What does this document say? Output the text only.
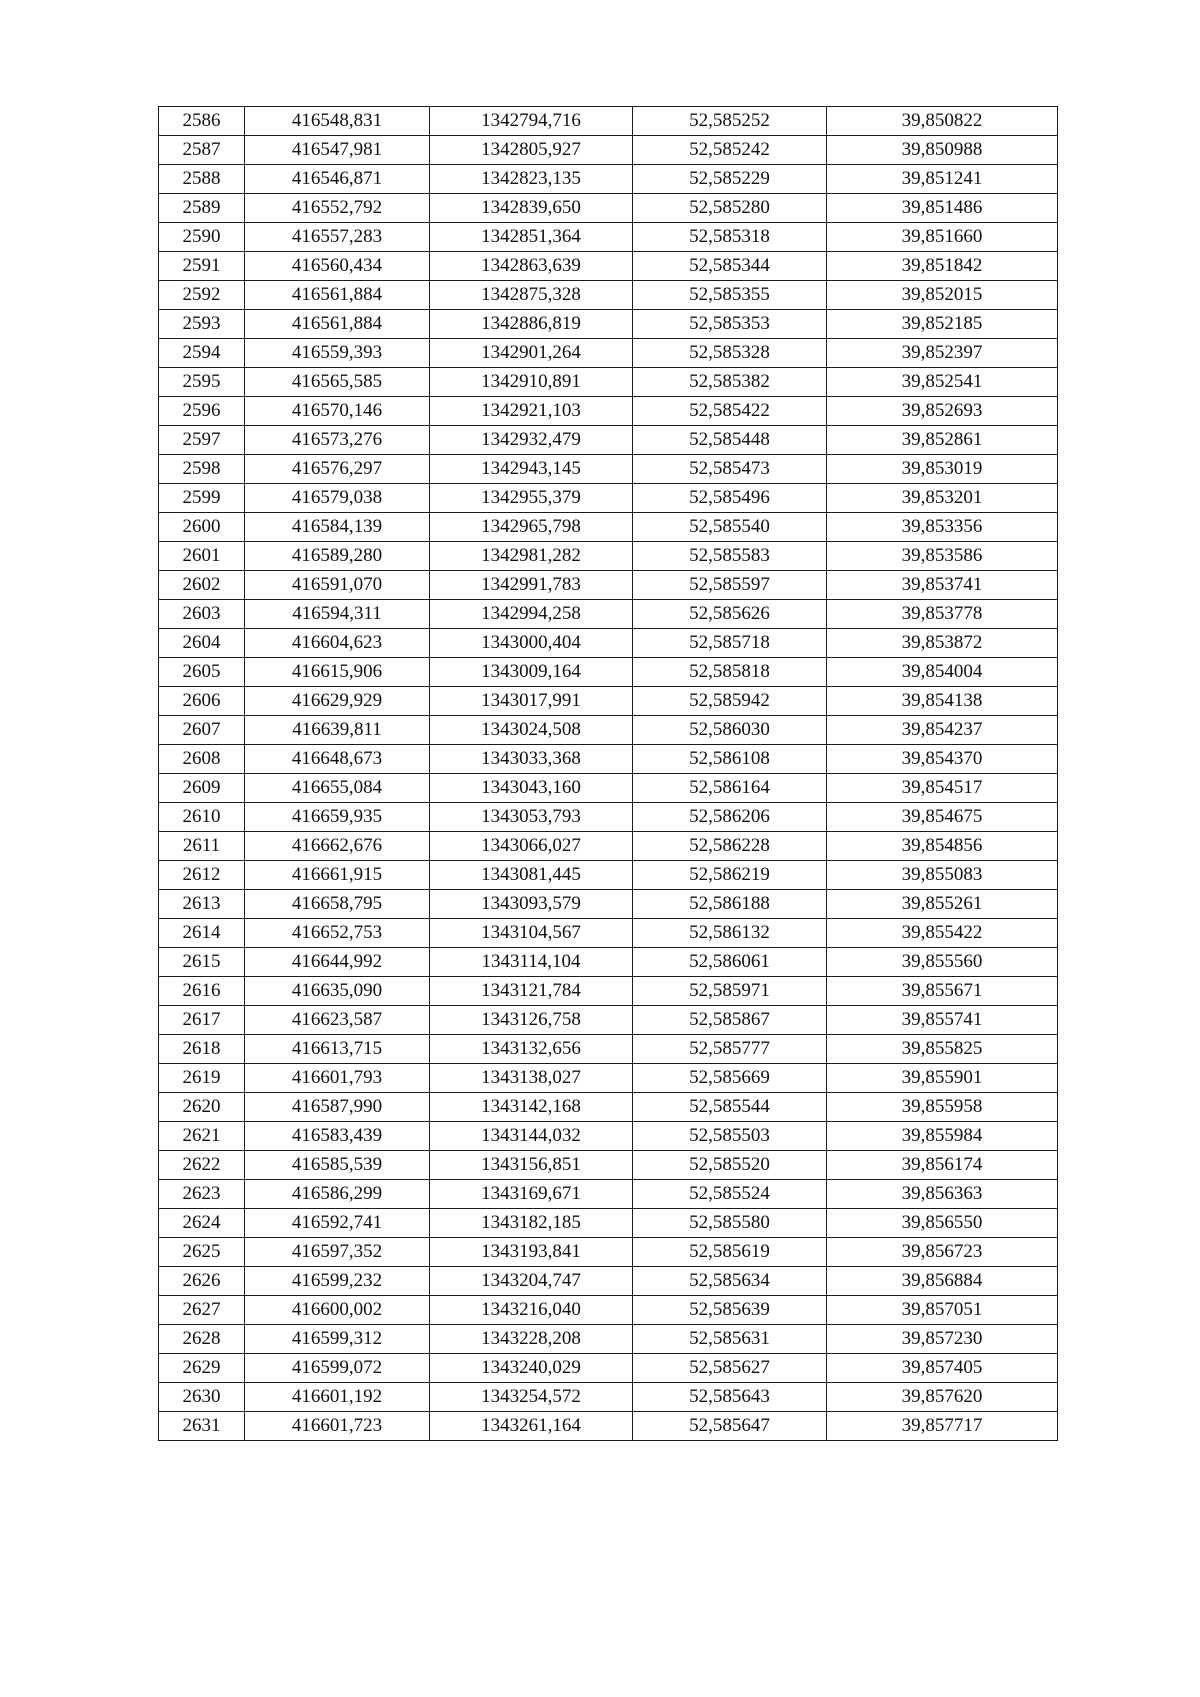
2586	416548,831	1342794,716	52,585252	39,850822
2587	416547,981	1342805,927	52,585242	39,850988
2588	416546,871	1342823,135	52,585229	39,851241
2589	416552,792	1342839,650	52,585280	39,851486
2590	416557,283	1342851,364	52,585318	39,851660
2591	416560,434	1342863,639	52,585344	39,851842
2592	416561,884	1342875,328	52,585355	39,852015
2593	416561,884	1342886,819	52,585353	39,852185
2594	416559,393	1342901,264	52,585328	39,852397
2595	416565,585	1342910,891	52,585382	39,852541
2596	416570,146	1342921,103	52,585422	39,852693
2597	416573,276	1342932,479	52,585448	39,852861
2598	416576,297	1342943,145	52,585473	39,853019
2599	416579,038	1342955,379	52,585496	39,853201
2600	416584,139	1342965,798	52,585540	39,853356
2601	416589,280	1342981,282	52,585583	39,853586
2602	416591,070	1342991,783	52,585597	39,853741
2603	416594,311	1342994,258	52,585626	39,853778
2604	416604,623	1343000,404	52,585718	39,853872
2605	416615,906	1343009,164	52,585818	39,854004
2606	416629,929	1343017,991	52,585942	39,854138
2607	416639,811	1343024,508	52,586030	39,854237
2608	416648,673	1343033,368	52,586108	39,854370
2609	416655,084	1343043,160	52,586164	39,854517
2610	416659,935	1343053,793	52,586206	39,854675
2611	416662,676	1343066,027	52,586228	39,854856
2612	416661,915	1343081,445	52,586219	39,855083
2613	416658,795	1343093,579	52,586188	39,855261
2614	416652,753	1343104,567	52,586132	39,855422
2615	416644,992	1343114,104	52,586061	39,855560
2616	416635,090	1343121,784	52,585971	39,855671
2617	416623,587	1343126,758	52,585867	39,855741
2618	416613,715	1343132,656	52,585777	39,855825
2619	416601,793	1343138,027	52,585669	39,855901
2620	416587,990	1343142,168	52,585544	39,855958
2621	416583,439	1343144,032	52,585503	39,855984
2622	416585,539	1343156,851	52,585520	39,856174
2623	416586,299	1343169,671	52,585524	39,856363
2624	416592,741	1343182,185	52,585580	39,856550
2625	416597,352	1343193,841	52,585619	39,856723
2626	416599,232	1343204,747	52,585634	39,856884
2627	416600,002	1343216,040	52,585639	39,857051
2628	416599,312	1343228,208	52,585631	39,857230
2629	416599,072	1343240,029	52,585627	39,857405
2630	416601,192	1343254,572	52,585643	39,857620
2631	416601,723	1343261,164	52,585647	39,857717
